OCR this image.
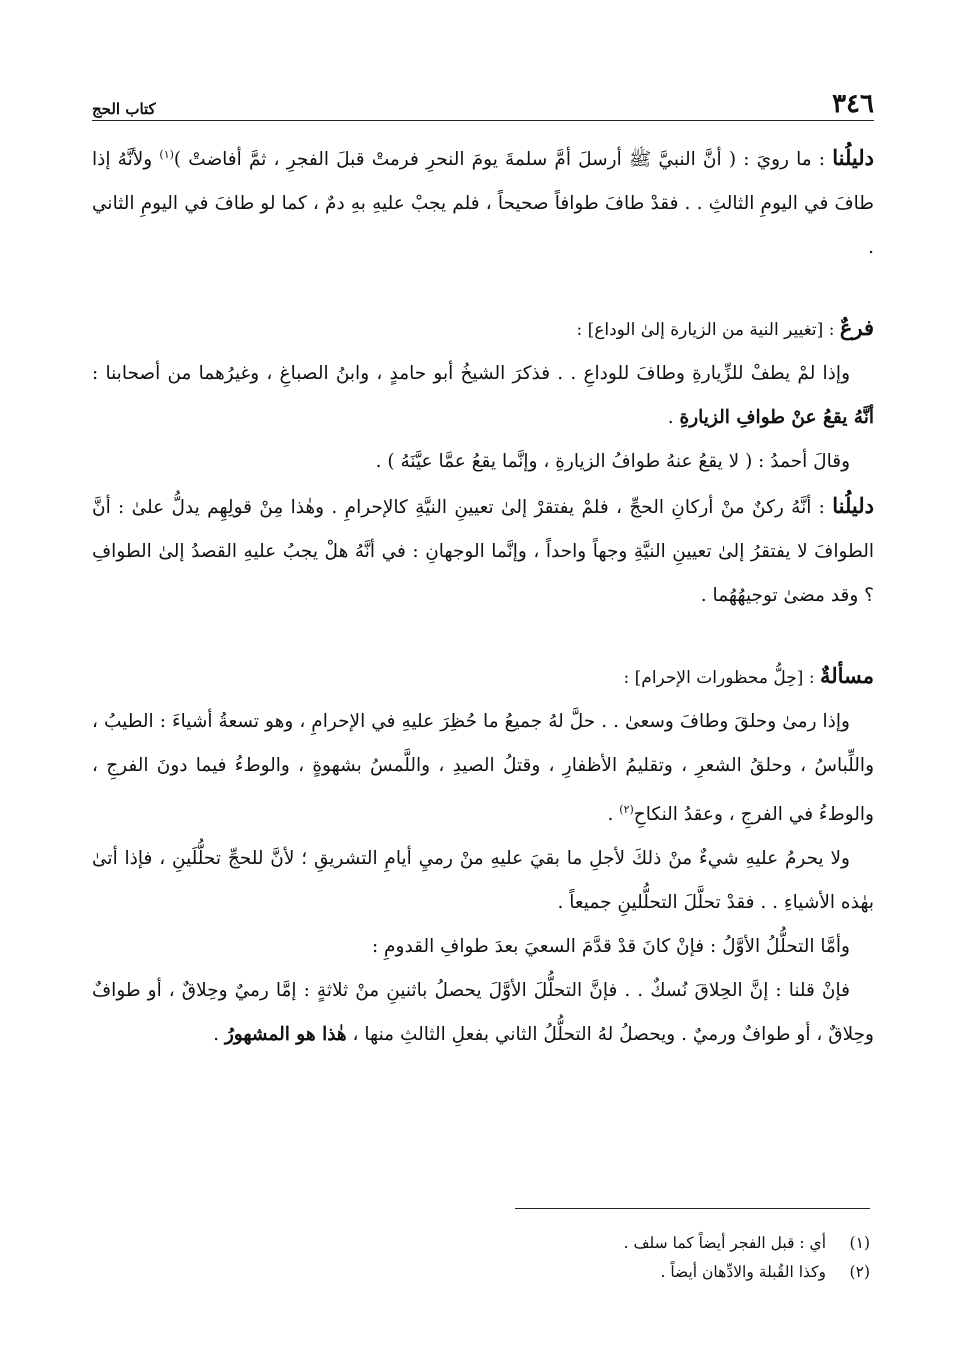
٣٤٦
كتاب الحج

دليلُنا : ما رويَ : ( أنَّ النبيَّ ﷺ أرسلَ أمَّ سلمةَ يومَ النحرِ فرمتْ قبلَ الفجرِ ، ثمَّ أفاضتْ )$^{(١)}$ ولأنَّهُ إذا طافَ في اليومِ الثالثِ . . فقدْ طافَ طوافاً صحيحاً ، فلم يجبْ عليهِ بهِ دمٌ ، كما لو طافَ في اليومِ الثاني .

فرعٌ : [تغيير النية من الزيارة إلىٰ الوداع] :

وإذا لمْ يطفْ للزِّيارةِ وطافَ للوداعِ . . فذكرَ الشيخُ أبو حامدٍ ، وابنُ الصباغِ ، وغيرُهما من أصحابنا : أنَّهُ يقعُ عنْ طوافِ الزيارةِ .

وقالَ أحمدُ : ( لا يقعُ عنهُ طوافُ الزيارةِ ، وإنَّما يقعُ عمَّا عيَّنَهُ ) .

دليلُنا : أنَّهُ ركنٌ منْ أركانِ الحجِّ ، فلمْ يفتقرْ إلىٰ تعيينِ النيَّةِ كالإحرامِ . وهٰذا مِنْ قولِهِم يدلُّ علىٰ : أنَّ الطوافَ لا يفتقرُ إلىٰ تعيينِ النيَّةِ وجهاً واحداً ، وإنَّما الوجهانِ : في أنَّهُ هلْ يجبُ عليهِ القصدُ إلىٰ الطوافِ ؟ وقد مضىٰ توجيهُهُما .

مسألةٌ : [حِلُّ محظورات الإحرام] :

وإذا رمىٰ وحلقَ وطافَ وسعىٰ . . حلَّ لهُ جميعُ ما حُظِرَ عليهِ في الإحرامِ ، وهو تسعةُ أشياءَ : الطيبُ ، واللِّباسُ ، وحلقُ الشعرِ ، وتقليمُ الأظفارِ ، وقتلُ الصيدِ ، واللَّمسُ بشهوةٍ ، والوطءُ فيما دونَ الفرجِ ، والوطءُ في الفرجِ ، وعقدُ النكاحِ$^{(٢)}$ .

ولا يحرمُ عليهِ شيءٌ منْ ذلكَ لأجلِ ما بقيَ عليهِ منْ رميِ أيامِ التشريقِ ؛ لأنَّ للحجِّ تحلُّلَينِ ، فإذا أتىٰ بهٰذه الأشياءِ . . فقدْ تحلَّلَ التحلُّلينِ جميعاً .

وأمَّا التحلُّلُ الأوَّلُ : فإنْ كانَ قدْ قدَّمَ السعيَ بعدَ طوافِ القدومِ :

فإنْ قلنا : إنَّ الحِلاقَ نُسكٌ . . فإنَّ التحلُّلَ الأوَّلَ يحصلُ باثنينِ منْ ثلاثةٍ : إمَّا رميٌ وحِلاقٌ ، أو طوافٌ وحِلاقٌ ، أو طوافٌ ورميٌ . ويحصلُ لهُ التحلُّلُ الثاني بفعلِ الثالثِ منها ، هٰذا هو المشهورُ .

(١)
أي : قبل الفجر أيضاً كما سلف .
(٢)
وكذا القُبلة والادِّهان أيضاً .
